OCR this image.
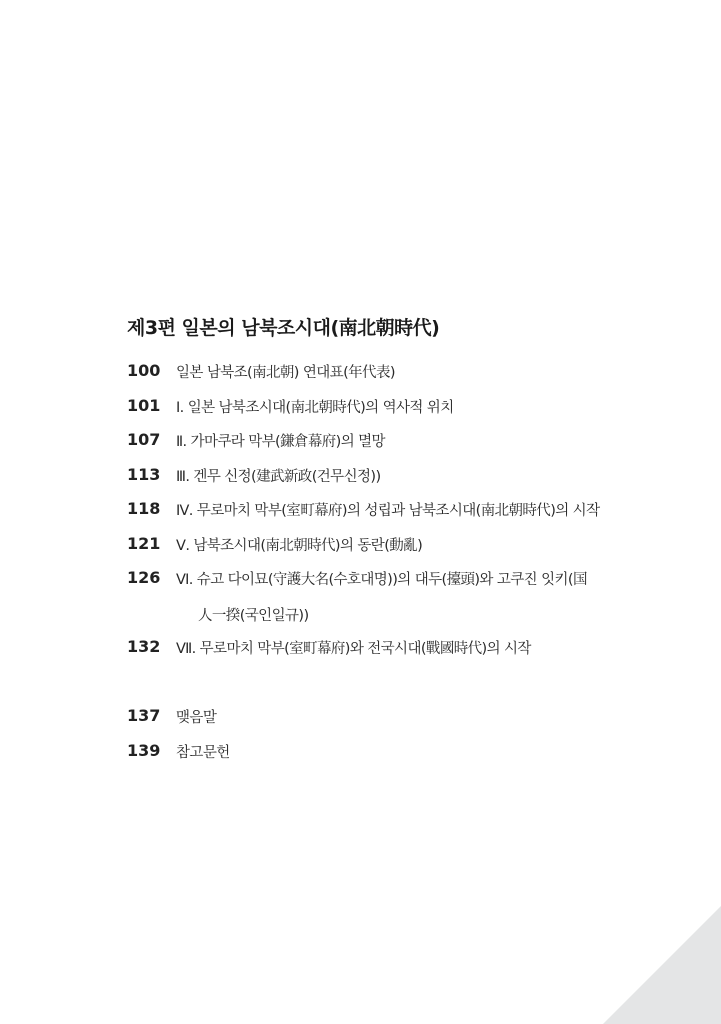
제3편 일본의 남북조시대(南北朝時代)
100	일본 남북조(南北朝) 연대표(年代表)
101	Ⅰ. 일본 남북조시대(南北朝時代)의 역사적 위치
107	Ⅱ. 가마쿠라 막부(鎌倉幕府)의 멸망
113	Ⅲ. 겐무 신정(建武新政(건무신정))
118	Ⅳ. 무로마치 막부(室町幕府)의 성립과 남북조시대(南北朝時代)의 시작
121	Ⅴ. 남북조시대(南北朝時代)의 동란(動亂)
126	Ⅵ. 슈고 다이묘(守護大名(수호대명))의 대두(擡頭)와 고쿠진 잇키(国
人一揆(국인일규))
132	Ⅶ. 무로마치 막부(室町幕府)와 전국시대(戰國時代)의 시작
137	맺음말
139	참고문헌
